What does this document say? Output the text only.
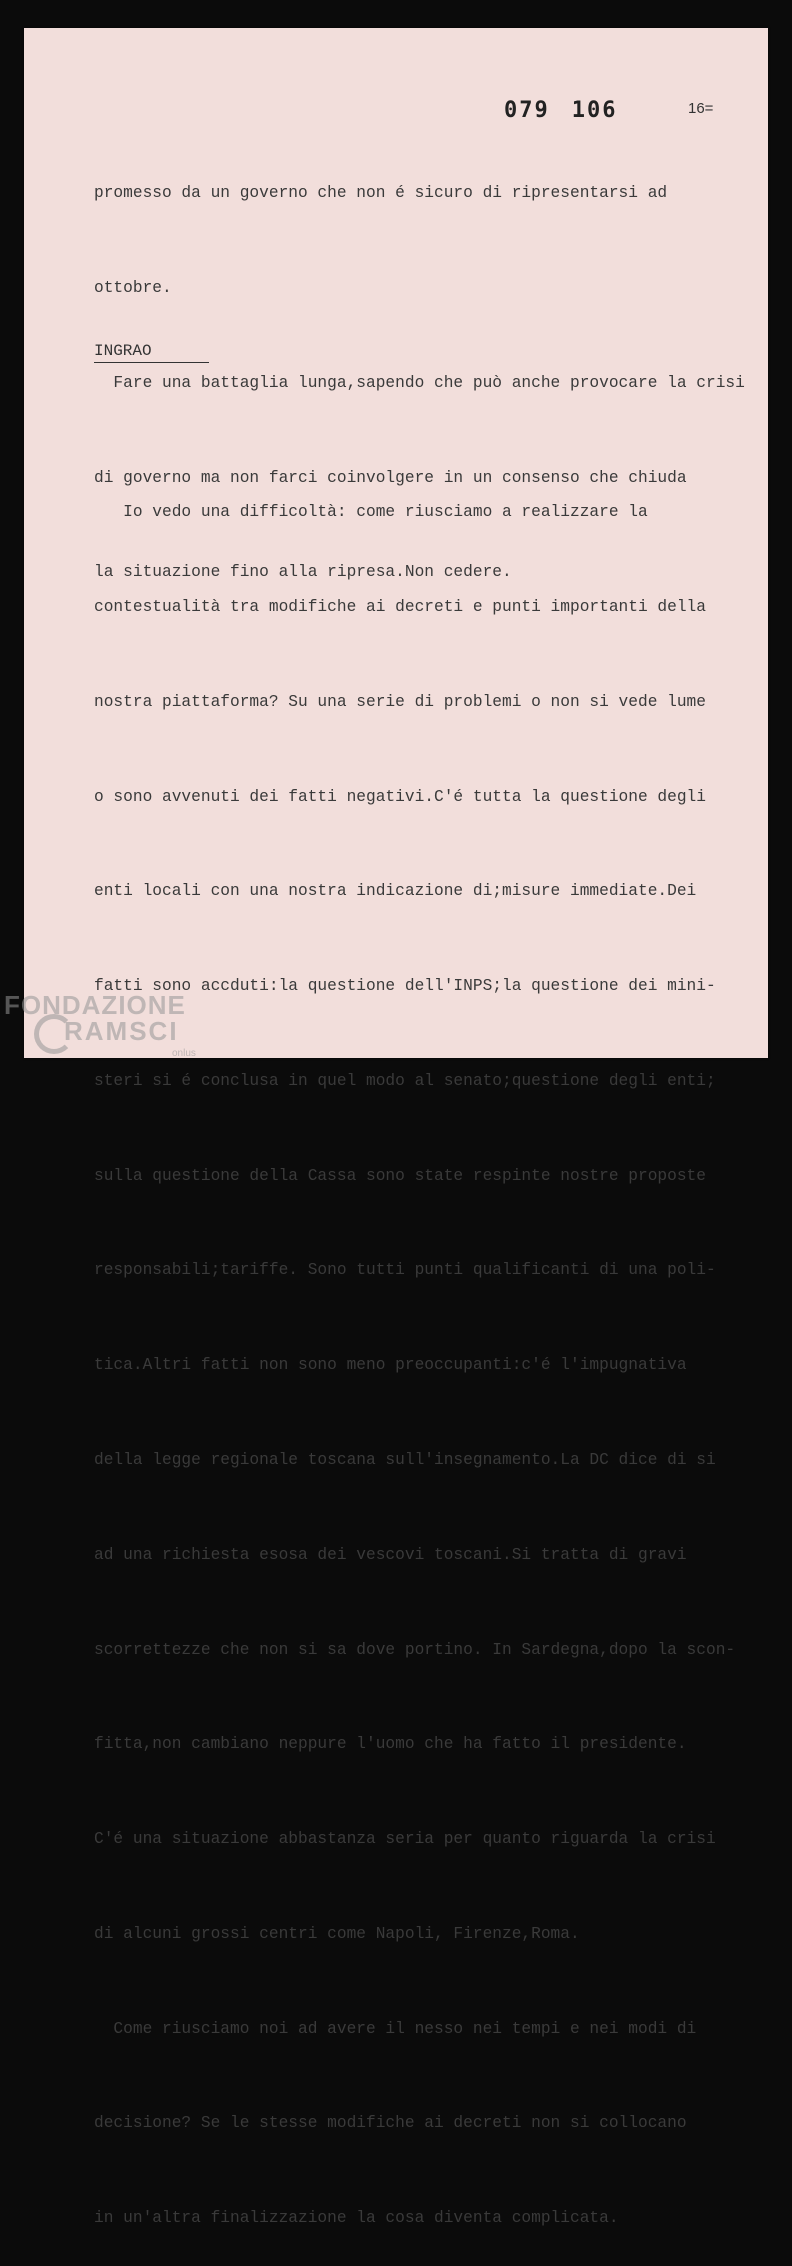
079 106	16=

promesso da un governo che non é sicuro di ripresentarsi ad

ottobre.

Fare una battaglia lunga,sapendo che può anche provocare la crisi

di governo ma non farci coinvolgere in un consenso che chiuda

la situazione fino alla ripresa.Non cedere.

INGRAO

Io vedo una difficoltà: come riusciamo a realizzare la

contestualità tra modifiche ai decreti e punti importanti della

nostra piattaforma? Su una serie di problemi o non si vede lume

o sono avvenuti dei fatti negativi.C'é tutta la questione degli

enti locali con una nostra indicazione di;misure immediate.Dei

fatti sono accduti:la questione dell'INPS;la questione dei mini-

steri si é conclusa in quel modo al senato;questione degli enti;

sulla questione della Cassa sono state respinte nostre proposte

responsabili;tariffe. Sono tutti punti qualificanti di una poli-

tica.Altri fatti non sono meno preoccupanti:c'é l'impugnativa

della legge regionale toscana sull'insegnamento.La DC dice di si

ad una richiesta esosa dei vescovi toscani.Si tratta di gravi

scorrettezze che non si sa dove portino. In Sardegna,dopo la scon-

fitta,non cambiano neppure l'uomo che ha fatto il presidente.

C'é una situazione abbastanza seria per quanto riguarda la crisi

di alcuni grossi centri come Napoli, Firenze,Roma.

Come riusciamo noi ad avere il nesso nei tempi e nei modi di

decisione? Se le stesse modifiche ai decreti non si collocano

in un'altra finalizzazione la cosa diventa complicata.

FONDAZIONE
RAMSCI
onlus
